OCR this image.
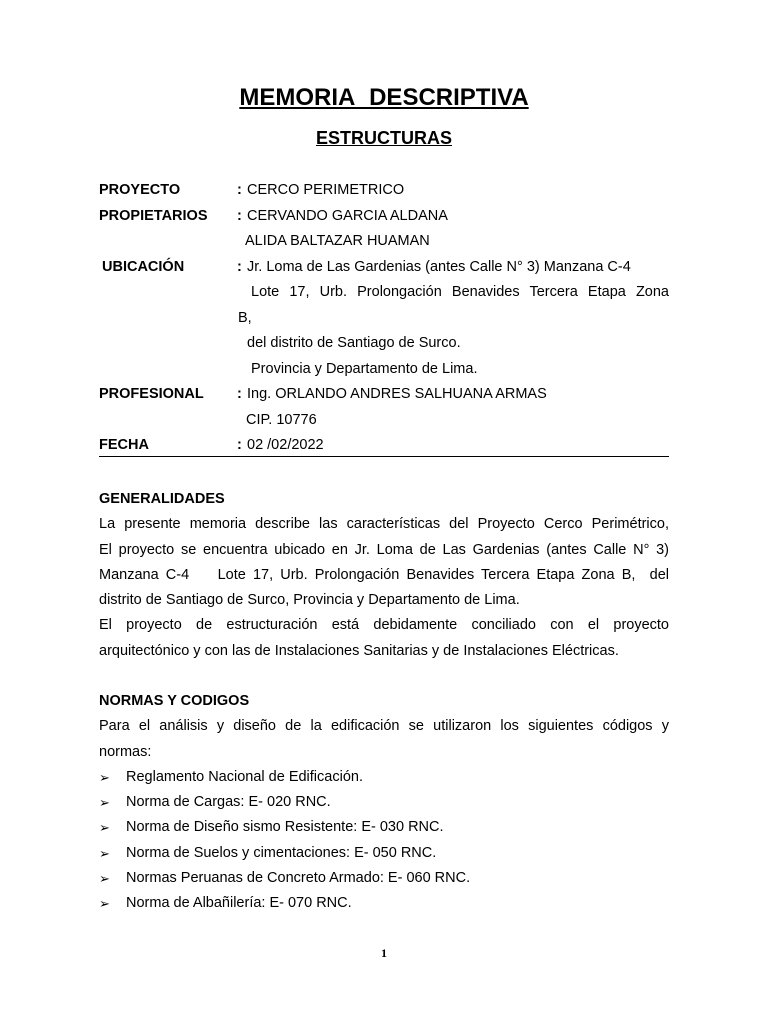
MEMORIA DESCRIPTIVA
ESTRUCTURAS
PROYECTO	: CERCO PERIMETRICO
PROPIETARIOS : CERVANDO GARCIA ALDANA
ALIDA BALTAZAR HUAMAN
UBICACIÓN	: Jr. Loma de Las Gardenias (antes Calle N° 3) Manzana C-4
Lote 17, Urb. Prolongación Benavides Tercera Etapa Zona
B,
del distrito de Santiago de Surco.
Provincia y Departamento de Lima.
PROFESIONAL : Ing. ORLANDO ANDRES SALHUANA ARMAS
CIP. 10776
FECHA	: 02 /02/2022
GENERALIDADES
La presente memoria describe las características del Proyecto Cerco Perimétrico,
El proyecto se encuentra ubicado en Jr. Loma de Las Gardenias (antes Calle N° 3)
Manzana C-4    Lote 17, Urb. Prolongación Benavides Tercera Etapa Zona B,  del
distrito de Santiago de Surco, Provincia y Departamento de Lima.
El proyecto de estructuración está debidamente conciliado con el proyecto
arquitectónico y con las de Instalaciones Sanitarias y de Instalaciones Eléctricas.
NORMAS Y CODIGOS
Para el análisis y diseño de la edificación se utilizaron los siguientes códigos y
normas:
➢ Reglamento Nacional de Edificación.
➢ Norma de Cargas: E- 020 RNC.
➢ Norma de Diseño sismo Resistente: E- 030 RNC.
➢ Norma de Suelos y cimentaciones: E- 050 RNC.
➢ Normas Peruanas de Concreto Armado: E- 060 RNC.
➢ Norma de Albañilería: E- 070 RNC.
1
